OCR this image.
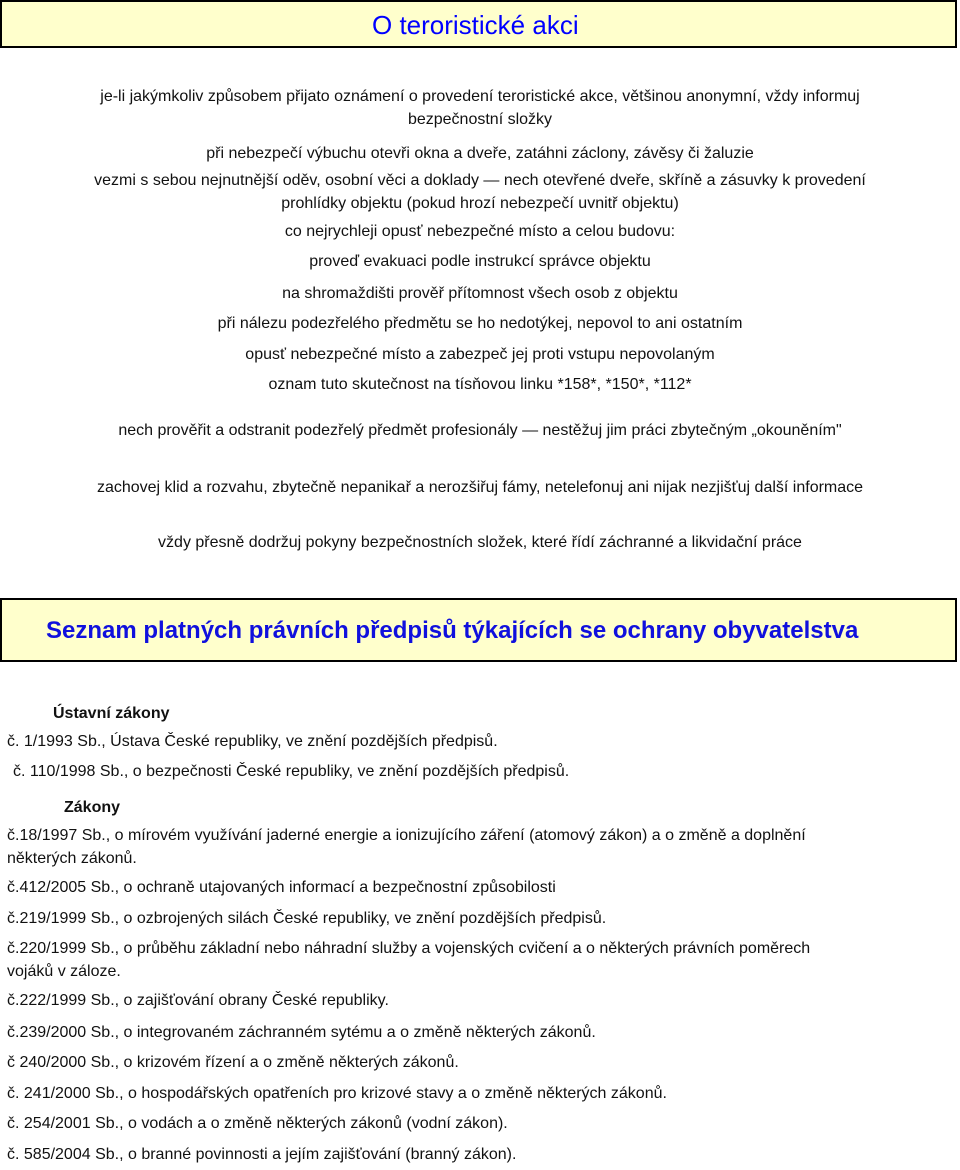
O teroristické akci
je-li jakýmkoliv způsobem přijato oznámení o provedení teroristické akce, většinou anonymní, vždy informuj
bezpečnostní složky
při nebezpečí výbuchu otevři okna a dveře, zatáhni záclony, závěsy či žaluzie
vezmi s sebou nejnutnější oděv, osobní věci a doklady — nech otevřené dveře, skříně a zásuvky k provedení
prohlídky objektu (pokud hrozí nebezpečí uvnitř objektu)
co nejrychleji opusť nebezpečné místo a celou budovu:
proveď evakuaci podle instrukcí správce objektu
na shromaždišti prověř přítomnost všech osob z objektu
při nálezu podezřelého předmětu se ho nedotýkej, nepovol to ani ostatním
opusť nebezpečné místo a zabezpeč jej proti vstupu nepovolaným
oznam tuto skutečnost na tísňovou linku *158*, *150*, *112*
nech prověřit a odstranit podezřelý předmět profesionály — nestěžuj jim práci zbytečným „okouněním"
zachovej klid a rozvahu, zbytečně nepanikař a nerozšiřuj fámy, netelefonuj ani nijak nezjišťuj další informace
vždy přesně dodržuj pokyny bezpečnostních složek, které řídí záchranné a likvidační práce
Seznam platných právních předpisů týkajících se ochrany obyvatelstva
Ústavní zákony
č. 1/1993 Sb., Ústava České republiky, ve znění pozdějších předpisů.
č. 110/1998 Sb., o bezpečnosti České republiky, ve znění pozdějších předpisů.
Zákony
č.18/1997 Sb., o mírovém využívání jaderné energie a ionizujícího záření (atomový zákon) a o změně a doplnění
některých zákonů.
č.412/2005 Sb., o ochraně utajovaných informací a bezpečnostní způsobilosti
č.219/1999 Sb., o ozbrojených silách České republiky, ve znění pozdějších předpisů.
č.220/1999 Sb., o průběhu základní nebo náhradní služby a vojenských cvičení a o některých právních poměrech
vojáků v záloze.
č.222/1999 Sb., o zajišťování obrany České republiky.
č.239/2000 Sb., o integrovaném záchranném sytému a o změně některých zákonů.
č 240/2000 Sb., o krizovém řízení a o změně některých zákonů.
č. 241/2000 Sb., o hospodářských opatřeních pro krizové stavy a o změně některých zákonů.
č. 254/2001 Sb., o vodách a o změně některých zákonů (vodní zákon).
č. 585/2004 Sb., o branné povinnosti a jejím zajišťování (branný zákon).
